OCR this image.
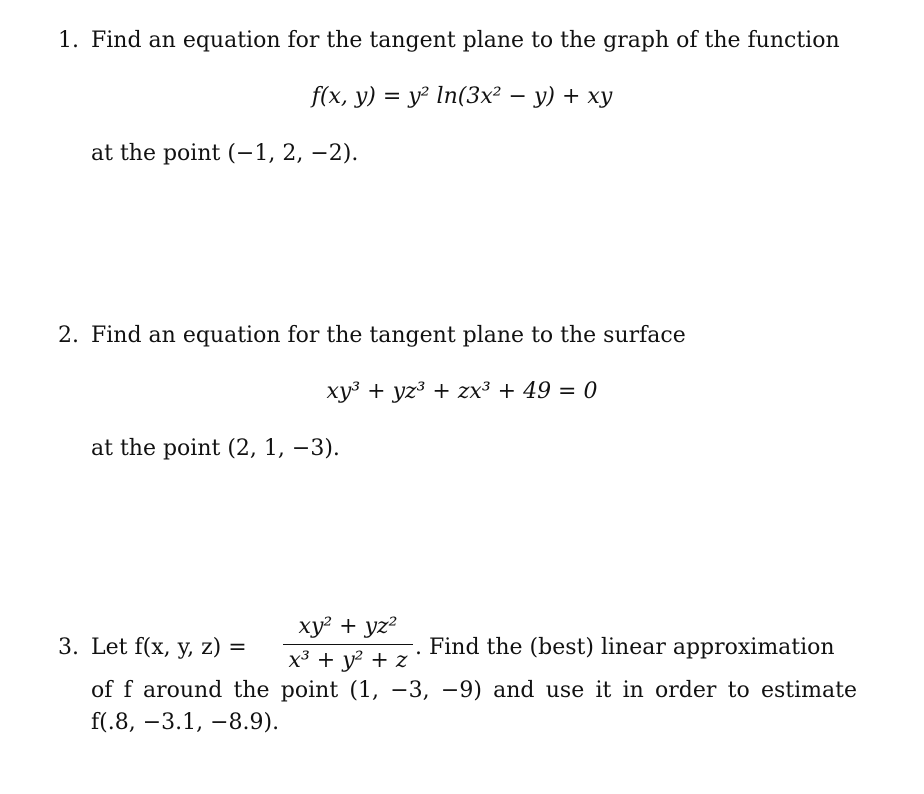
1. Find an equation for the tangent plane to the graph of the function
f(x, y) = y² ln(3x² − y) + xy
at the point (−1, 2, −2).
2. Find an equation for the tangent plane to the surface
xy³ + yz³ + zx³ + 49 = 0
at the point (2, 1, −3).
3. Let f(x, y, z) =
xy² + yz²
x³ + y² + z
. Find the (best) linear approximation
of f around the point (1, −3, −9) and use it in order to estimate
f(.8, −3.1, −8.9).
